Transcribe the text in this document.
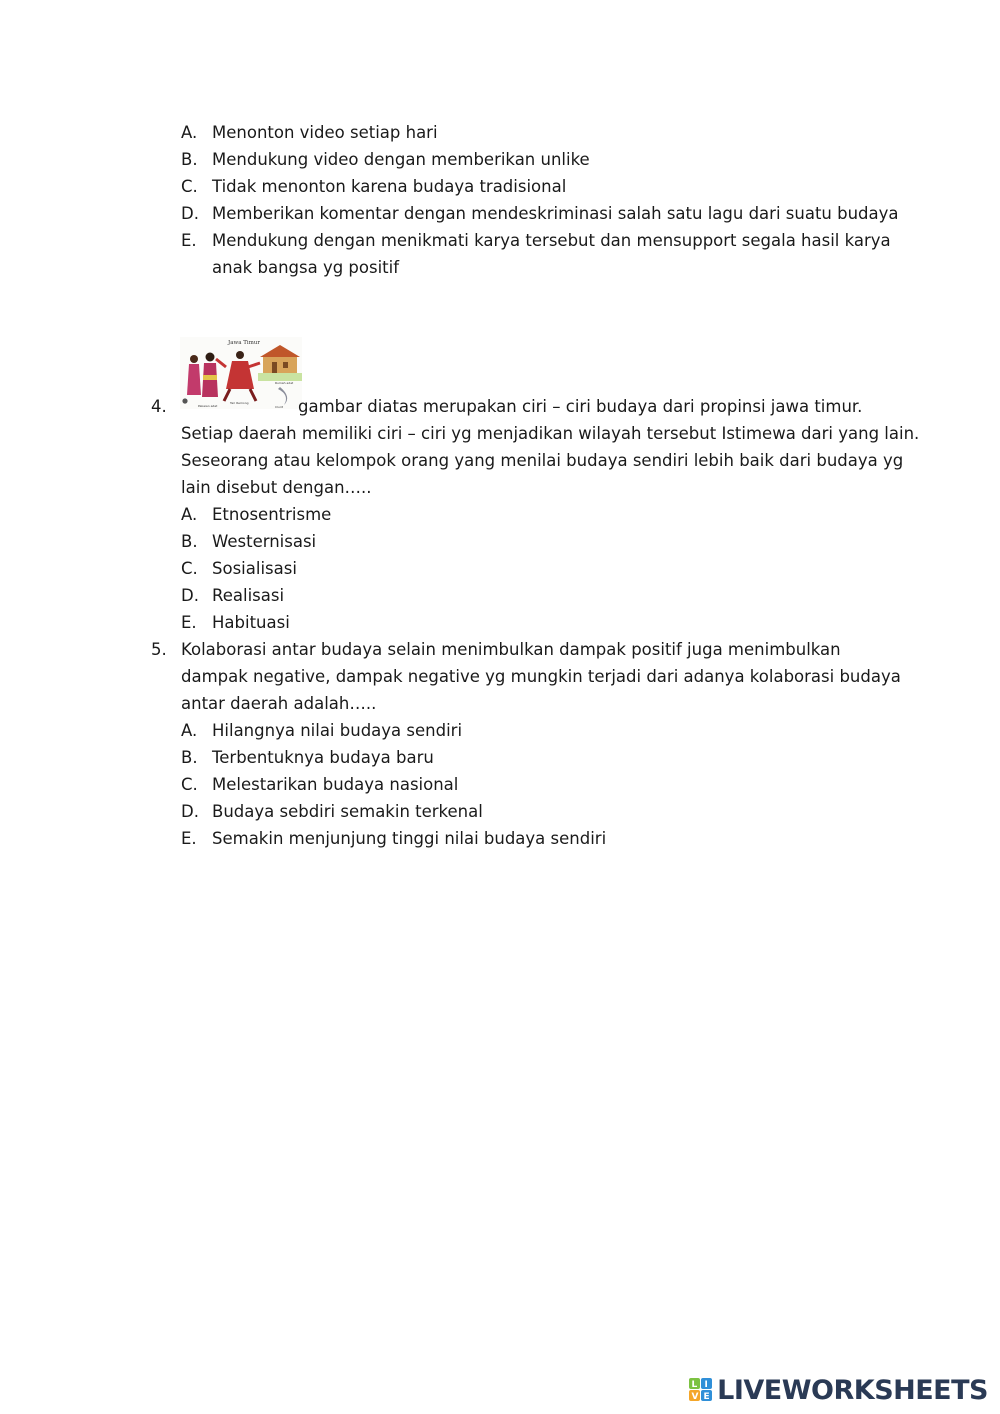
A. Menonton video setiap hari
B. Mendukung video dengan memberikan unlike
C. Tidak menonton karena budaya tradisional
D. Memberikan komentar dengan mendeskriminasi salah satu lagu dari suatu budaya
E. Mendukung dengan menikmati karya tersebut dan mensupport segala hasil karya
anak bangsa yg positif
Jawa Timur
Pakaian adat
Tari Remong
Rumah adat
Clurit
4.	gambar diatas merupakan ciri – ciri budaya dari propinsi jawa timur.
Setiap daerah memiliki ciri – ciri yg menjadikan wilayah tersebut Istimewa dari yang lain.
Seseorang atau kelompok orang yang menilai budaya sendiri lebih baik dari budaya yg
lain disebut dengan…..
A. Etnosentrisme
B. Westernisasi
C. Sosialisasi
D. Realisasi
E. Habituasi
5. Kolaborasi antar budaya selain menimbulkan dampak positif juga menimbulkan
dampak negative, dampak negative yg mungkin terjadi dari adanya kolaborasi budaya
antar daerah adalah…..
A. Hilangnya nilai budaya sendiri
B. Terbentuknya budaya baru
C. Melestarikan budaya nasional
D. Budaya sebdiri semakin terkenal
E. Semakin menjunjung tinggi nilai budaya sendiri
L I
V E LIVEWORKSHEETS
